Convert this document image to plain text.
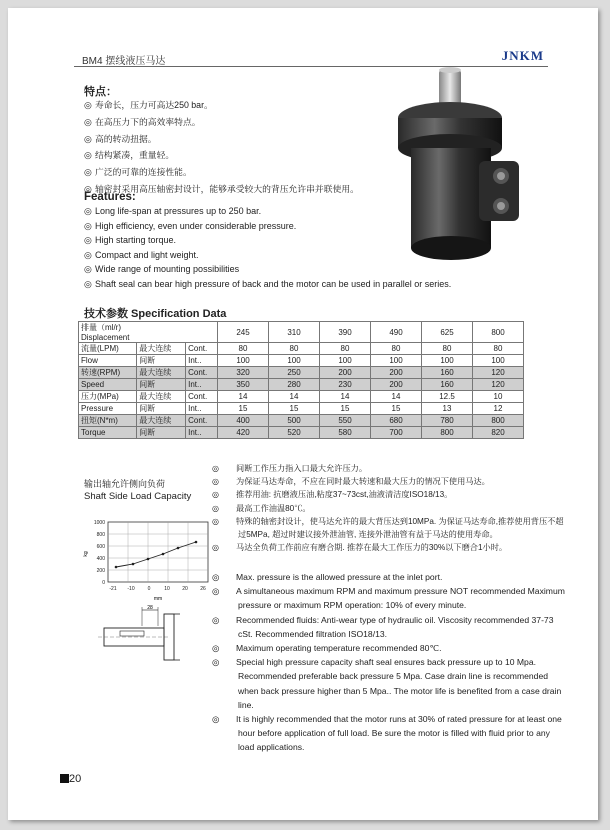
BM4 摆线液压马达	JNKM
特点：
◎ 寿命长，压力可高达250 bar。
◎ 在高压力下的高效率特点。
◎ 高的转动扭据。
◎ 结构紧凑，重量轻。
◎ 广泛的可靠的连接性能。
◎ 轴密封采用高压轴密封设计，能够承受较大的背压允许串并联使用。
Features:
◎ Long life-span at pressures up to 250 bar.
◎ High efficiency, even under considerable pressure.
◎ High starting torque.
◎ Compact and light weight.
◎ Wide range of mounting possibilities
◎ Shaft seal can bear high pressure of back and the motor can be used in parallel or series.
技术参数 Specification Data
排量（ml/r)
Displacement			245	310	390	490	625	800
流量(LPM)	最大连续	Cont.	80	80	80	80	80	80
Flow	间断	Int..	100	100	100	100	100	100
转速(RPM)	最大连续	Cont.	320	250	200	200	160	120
Speed	间断	Int..	350	280	230	200	160	120
压力(MPa)	最大连续	Cont.	14	14	14	14	12.5	10
Pressure	间断	Int..	15	15	15	15	13	12
扭矩(N*m)	最大连续	Cont.	400	500	550	680	780	800
Torque	间断	Int..	420	520	580	700	800	820
输出轴允许侧向负荷
Shaft Side Load Capacity
1000
800
600
400
200
0
-21 -10	0	10 20 26
kg
mm
28
◎ 间断工作压力指入口最大允许压力。
◎ 为保证马达寿命，不应在同时最大转速和最大压力的情况下使用马达。
◎ 推荐用油: 抗磨液压油,粘度37~73cst,油液清洁度ISO18/13。
◎ 最高工作油温80℃。
◎ 特殊的轴密封设计，使马达允许的最大背压达到10MPa. 为保证马达寿命,推荐使用背压不超过5MPa, 超过时建议接外泄油管, 连接外泄油管有益于马达的使用寿命。
◎ 马达全负荷工作前应有磨合期. 推荐在最大工作压力的30%以下磨合1小时。
◎ Max. pressure is the allowed pressure at the inlet port.
◎ A simultaneous maximum RPM and maximum pressure NOT recommended Maximum pressure or maximum RPM operation: 10% of every minute.
◎ Recommended fluids: Anti-wear type of hydraulic oil. Viscosity recommended 37-73 cSt. Recommended filtration ISO18/13.
◎ Maximum operating temperature recommended 80℃.
◎ Special high pressure capacity shaft seal ensures back pressure up to 10 Mpa. Recommended preferable back pressure 5 Mpa. Case drain line is recommended when back pressure higher than 5 Mpa.. The motor life is benefited from a case drain line.
◎ It is highly recommended that the motor runs at 30% of rated pressure for at least one hour before application of full load. Be sure the motor is filled with fluid prior to any load applications.
20
